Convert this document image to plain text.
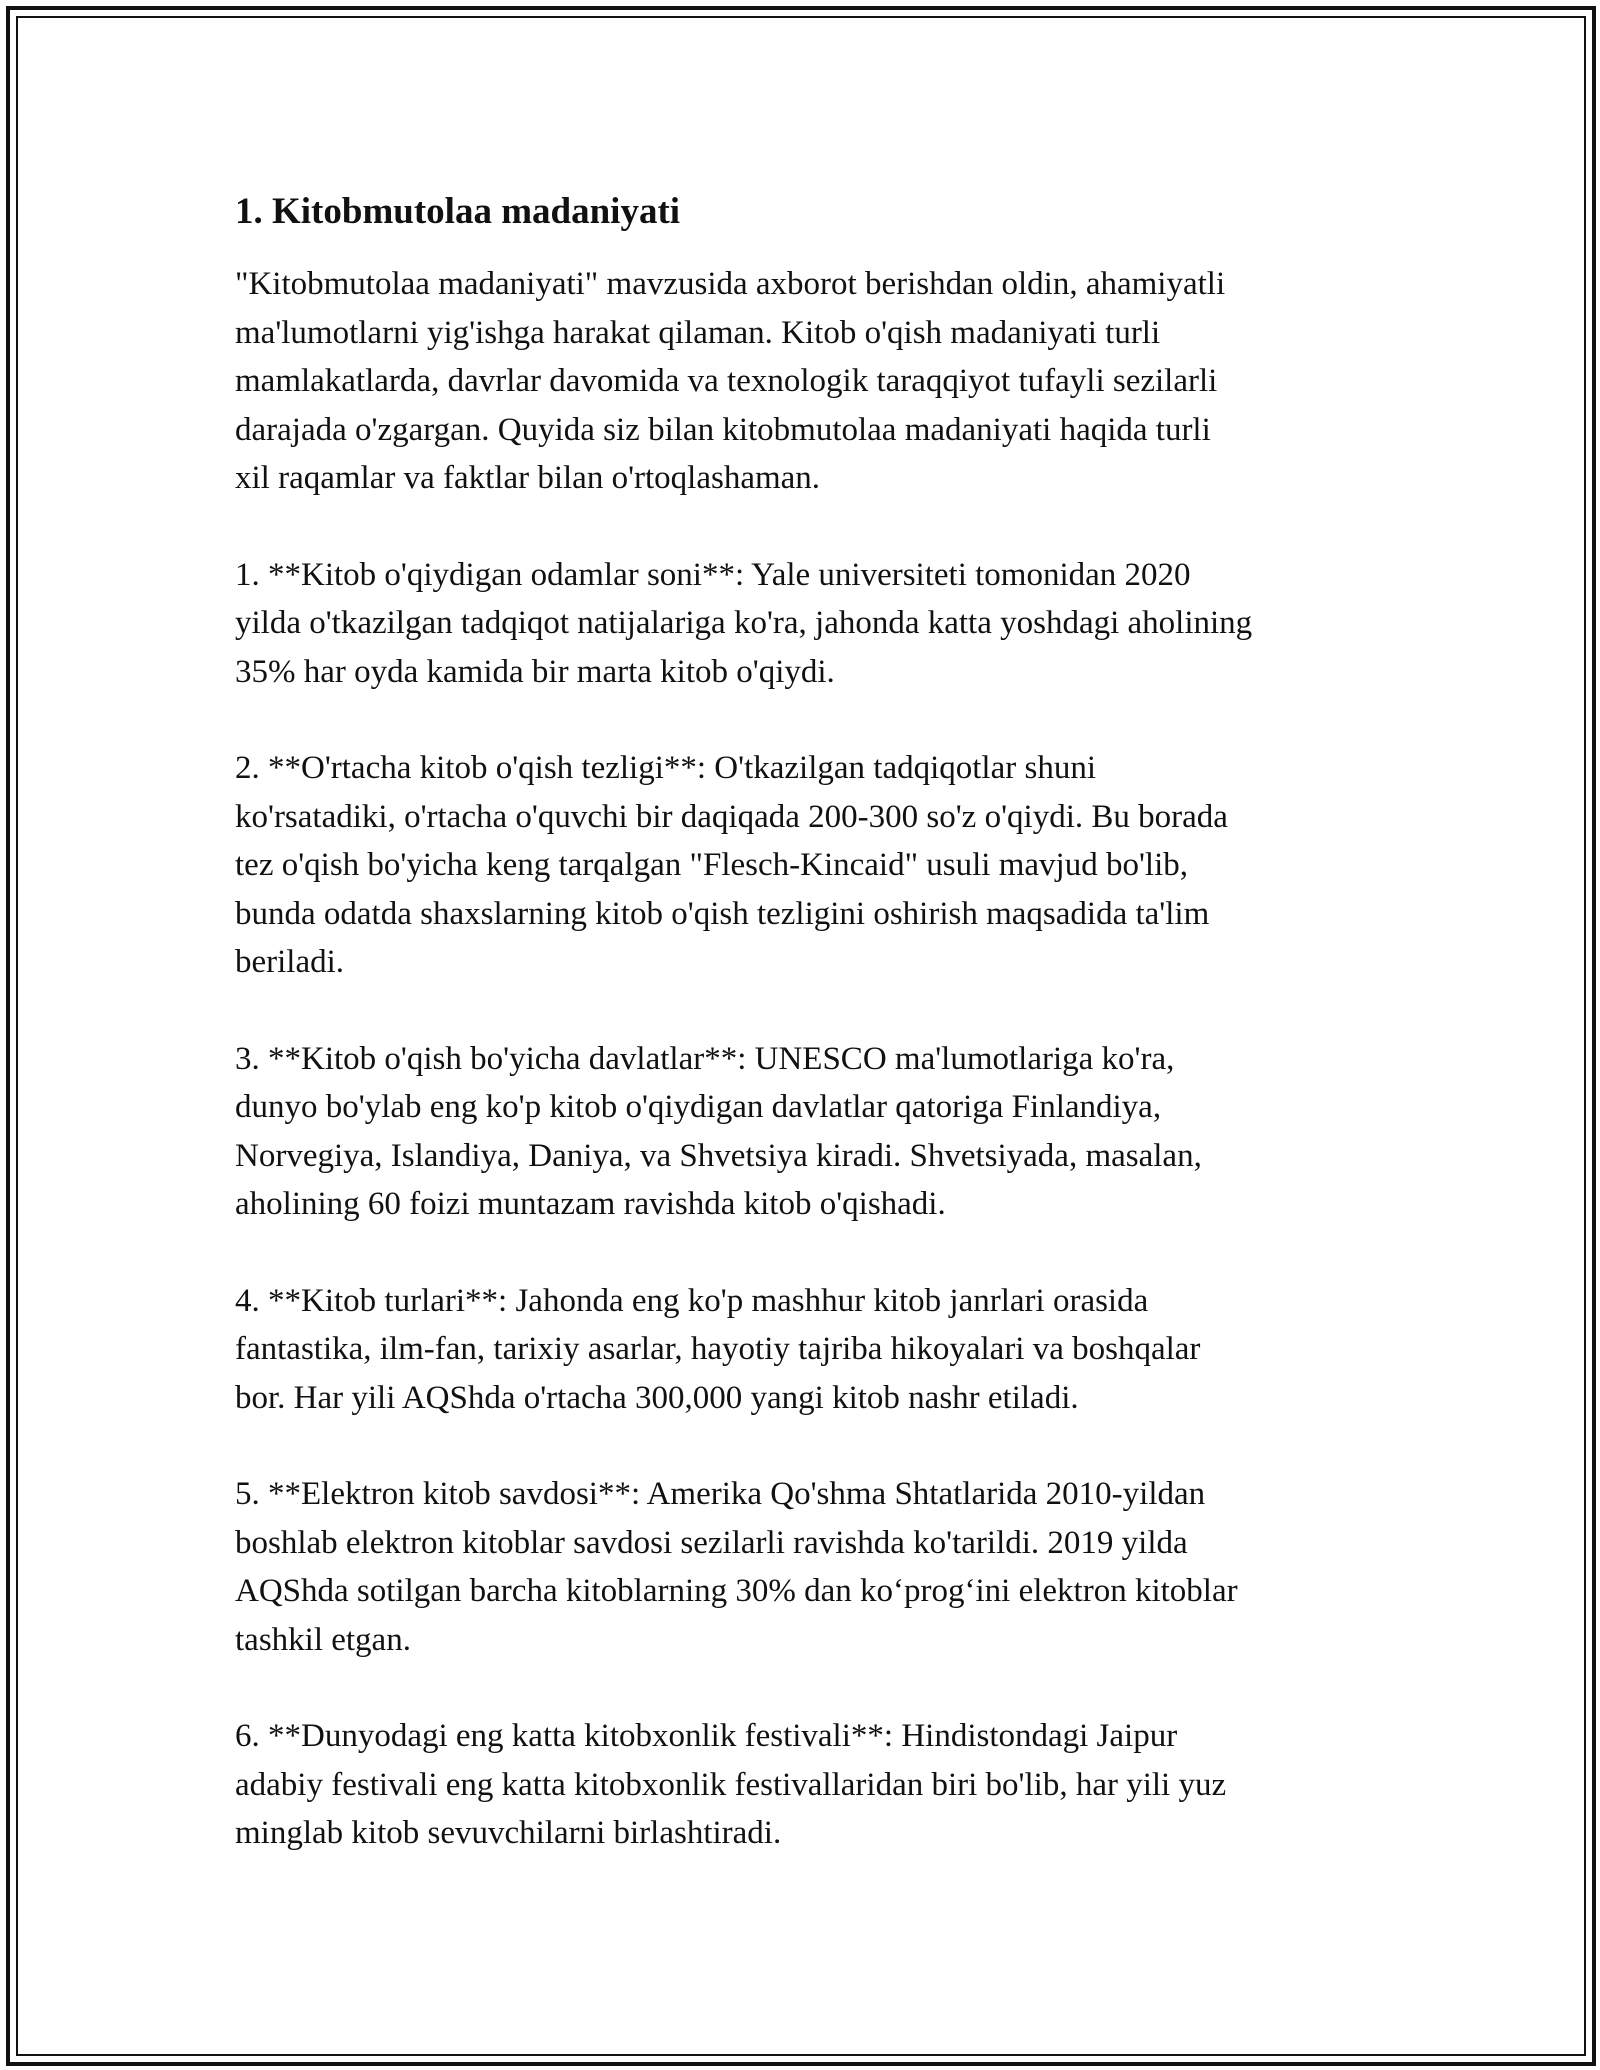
1. Kitobmutolaa madaniyati

"Kitobmutolaa madaniyati" mavzusida axborot berishdan oldin, ahamiyatli
ma'lumotlarni yig'ishga harakat qilaman. Kitob o'qish madaniyati turli
mamlakatlarda, davrlar davomida va texnologik taraqqiyot tufayli sezilarli
darajada o'zgargan. Quyida siz bilan kitobmutolaa madaniyati haqida turli
xil raqamlar va faktlar bilan o'rtoqlashaman.

1. **Kitob o'qiydigan odamlar soni**: Yale universiteti tomonidan 2020
yilda o'tkazilgan tadqiqot natijalariga ko'ra, jahonda katta yoshdagi aholining
35% har oyda kamida bir marta kitob o'qiydi.

2. **O'rtacha kitob o'qish tezligi**: O'tkazilgan tadqiqotlar shuni
ko'rsatadiki, o'rtacha o'quvchi bir daqiqada 200-300 so'z o'qiydi. Bu borada
tez o'qish bo'yicha keng tarqalgan "Flesch-Kincaid" usuli mavjud bo'lib,
bunda odatda shaxslarning kitob o'qish tezligini oshirish maqsadida ta'lim
beriladi.

3. **Kitob o'qish bo'yicha davlatlar**: UNESCO ma'lumotlariga ko'ra,
dunyo bo'ylab eng ko'p kitob o'qiydigan davlatlar qatoriga Finlandiya,
Norvegiya, Islandiya, Daniya, va Shvetsiya kiradi. Shvetsiyada, masalan,
aholining 60 foizi muntazam ravishda kitob o'qishadi.

4. **Kitob turlari**: Jahonda eng ko'p mashhur kitob janrlari orasida
fantastika, ilm-fan, tarixiy asarlar, hayotiy tajriba hikoyalari va boshqalar
bor. Har yili AQShda o'rtacha 300,000 yangi kitob nashr etiladi.

5. **Elektron kitob savdosi**: Amerika Qo'shma Shtatlarida 2010-yildan
boshlab elektron kitoblar savdosi sezilarli ravishda ko'tarildi. 2019 yilda
AQShda sotilgan barcha kitoblarning 30% dan ko‘prog‘ini elektron kitoblar
tashkil etgan.

6. **Dunyodagi eng katta kitobxonlik festivali**: Hindistondagi Jaipur
adabiy festivali eng katta kitobxonlik festivallaridan biri bo'lib, har yili yuz
minglab kitob sevuvchilarni birlashtiradi.
